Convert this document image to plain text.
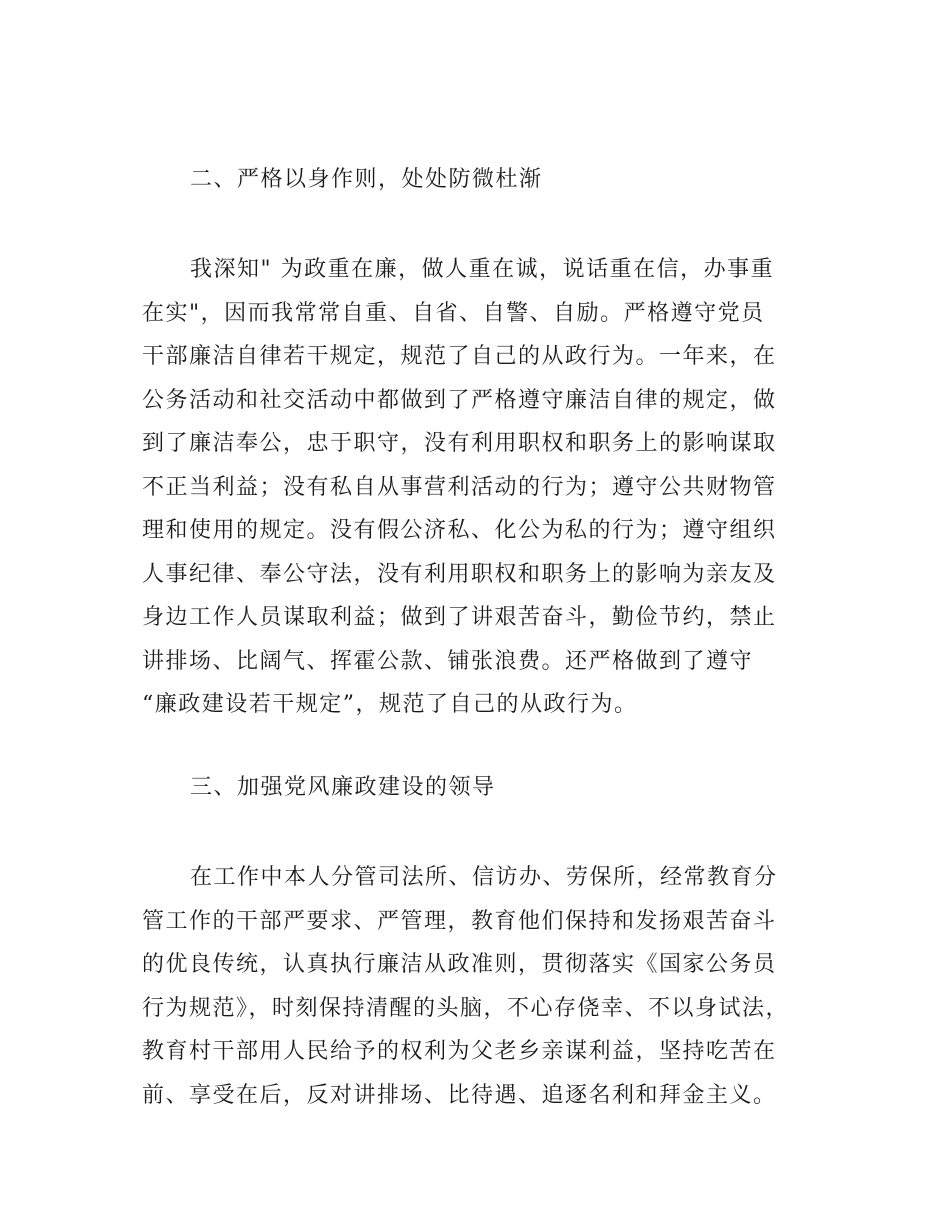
二、严格以身作则，处处防微杜渐
我深知" 为政重在廉，做人重在诚，说话重在信，办事重
在实"，因而我常常自重、自省、自警、自励。严格遵守党员
干部廉洁自律若干规定，规范了自己的从政行为。一年来，在
公务活动和社交活动中都做到了严格遵守廉洁自律的规定，做
到了廉洁奉公，忠于职守，没有利用职权和职务上的影响谋取
不正当利益；没有私自从事营利活动的行为；遵守公共财物管
理和使用的规定。没有假公济私、化公为私的行为；遵守组织
人事纪律、奉公守法，没有利用职权和职务上的影响为亲友及
身边工作人员谋取利益；做到了讲艰苦奋斗，勤俭节约，禁止
讲排场、比阔气、挥霍公款、铺张浪费。还严格做到了遵守
“廉政建设若干规定”，规范了自己的从政行为。
三、加强党风廉政建设的领导
在工作中本人分管司法所、信访办、劳保所，经常教育分
管工作的干部严要求、严管理，教育他们保持和发扬艰苦奋斗
的优良传统，认真执行廉洁从政准则，贯彻落实《国家公务员
行为规范》，时刻保持清醒的头脑，不心存侥幸、不以身试法，
教育村干部用人民给予的权利为父老乡亲谋利益，坚持吃苦在
前、享受在后，反对讲排场、比待遇、追逐名利和拜金主义。
